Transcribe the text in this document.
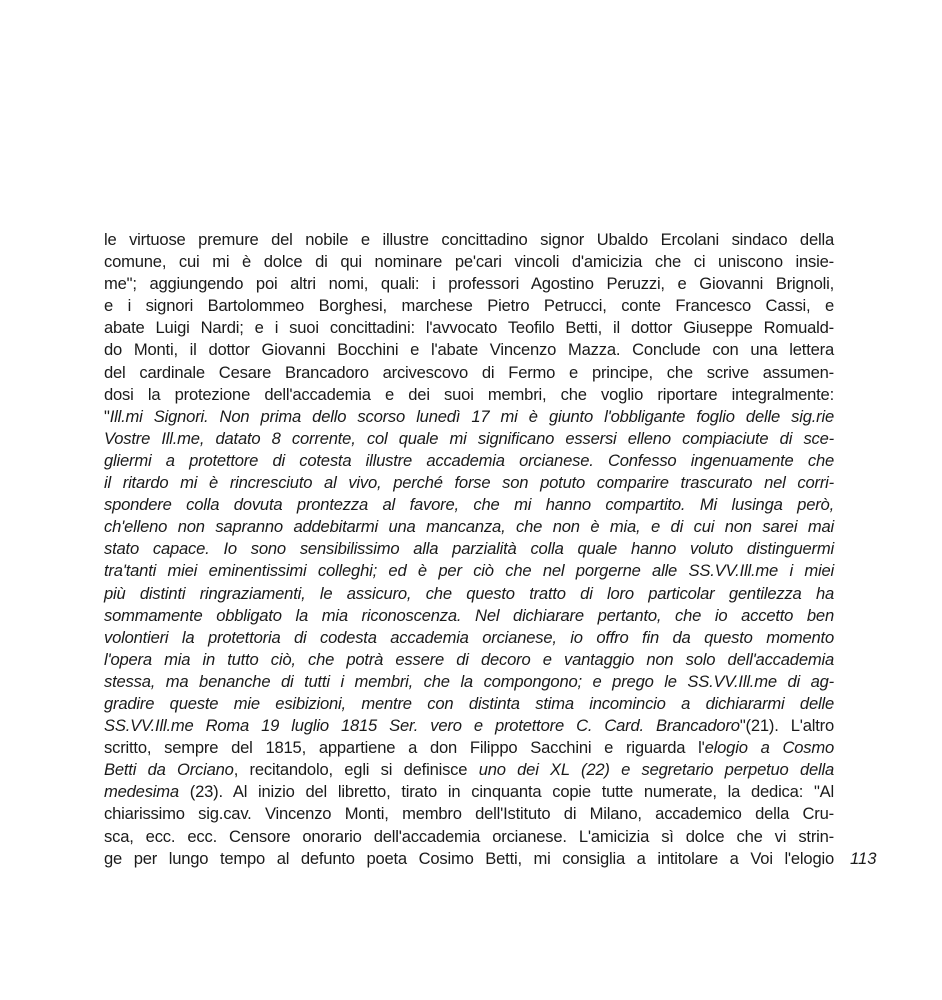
le virtuose premure del nobile e illustre concittadino signor Ubaldo Ercolani sindaco della
comune, cui mi è dolce di qui nominare pe'cari vincoli d'amicizia che ci uniscono insie-
me"; aggiungendo poi altri nomi, quali: i professori Agostino Peruzzi, e Giovanni Brignoli,
e i signori Bartolommeo Borghesi, marchese Pietro Petrucci, conte Francesco Cassi, e
abate Luigi Nardi; e i suoi concittadini: l'avvocato Teofilo Betti, il dottor Giuseppe Romuald-
do Monti, il dottor Giovanni Bocchini e l'abate Vincenzo Mazza. Conclude con una lettera
del cardinale Cesare Brancadoro arcivescovo di Fermo e principe, che scrive assumen-
dosi la protezione dell'accademia e dei suoi membri, che voglio riportare integralmente:
"Ill.mi Signori. Non prima dello scorso lunedì 17 mi è giunto l'obbligante foglio delle sig.rie
Vostre Ill.me, datato 8 corrente, col quale mi significano essersi elleno compiaciute di sce-
gliermi a protettore di cotesta illustre accademia orcianese. Confesso ingenuamente che
il ritardo mi è rincresciuto al vivo, perché forse son potuto comparire trascurato nel corri-
spondere colla dovuta prontezza al favore, che mi hanno compartito. Mi lusinga però,
ch'elleno non sapranno addebitarmi una mancanza, che non è mia, e di cui non sarei mai
stato capace. Io sono sensibilissimo alla parzialità colla quale hanno voluto distinguermi
tra'tanti miei eminentissimi colleghi; ed è per ciò che nel porgerne alle SS.VV.Ill.me i miei
più distinti ringraziamenti, le assicuro, che questo tratto di loro particolar gentilezza ha
sommamente obbligato la mia riconoscenza. Nel dichiarare pertanto, che io accetto ben
volontieri la protettoria di codesta accademia orcianese, io offro fin da questo momento
l'opera mia in tutto ciò, che potrà essere di decoro e vantaggio non solo dell'accademia
stessa, ma benanche di tutti i membri, che la compongono; e prego le SS.VV.Ill.me di ag-
gradire queste mie esibizioni, mentre con distinta stima incomincio a dichiararmi delle
SS.VV.Ill.me Roma 19 luglio 1815 Ser. vero e protettore C. Card. Brancadoro"(21). L'altro
scritto, sempre del 1815, appartiene a don Filippo Sacchini e riguarda l'elogio a Cosmo
Betti da Orciano, recitandolo, egli si definisce uno dei XL (22) e segretario perpetuo della
medesima (23). Al inizio del libretto, tirato in cinquanta copie tutte numerate, la dedica: "Al
chiarissimo sig.cav. Vincenzo Monti, membro dell'Istituto di Milano, accademico della Cru-
sca, ecc. ecc. Censore onorario dell'accademia orcianese. L'amicizia sì dolce che vi strin-
ge per lungo tempo al defunto poeta Cosimo Betti, mi consiglia a intitolare a Voi l'elogio 113
